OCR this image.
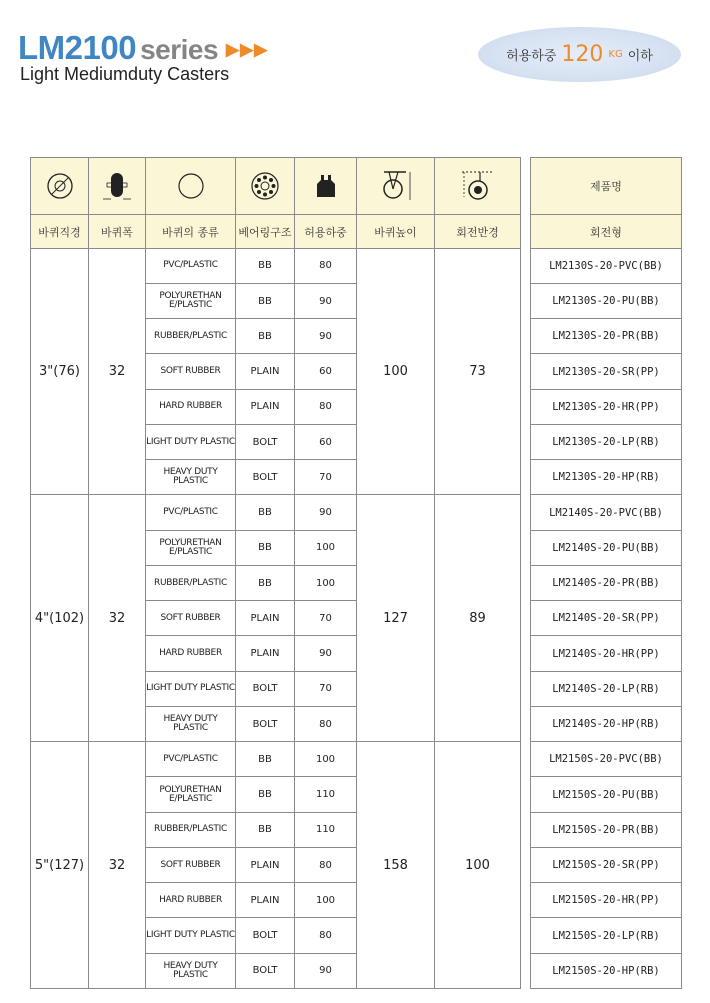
LM2100 series ▶▶▶
Light Mediumduty Casters
허용하중 120 KG 이하

		제품명
바퀴직경	바퀴폭	바퀴의 종류	베어링구조	허용하중	바퀴높이	회전반경		회전형
3"(76)	32	PVC/PLASTIC	BB	80	100	73		LM2130S-20-PVC(BB)
		POLYURETHAN E/PLASTIC	BB	90				LM2130S-20-PU(BB)
		RUBBER/PLASTIC	BB	90				LM2130S-20-PR(BB)
		SOFT RUBBER	PLAIN	60				LM2130S-20-SR(PP)
		HARD RUBBER	PLAIN	80				LM2130S-20-HR(PP)
		LIGHT DUTY PLASTIC	BOLT	60				LM2130S-20-LP(RB)
		HEAVY DUTY PLASTIC	BOLT	70				LM2130S-20-HP(RB)
4"(102)	32	PVC/PLASTIC	BB	90	127	89		LM2140S-20-PVC(BB)
		POLYURETHAN E/PLASTIC	BB	100				LM2140S-20-PU(BB)
		RUBBER/PLASTIC	BB	100				LM2140S-20-PR(BB)
		SOFT RUBBER	PLAIN	70				LM2140S-20-SR(PP)
		HARD RUBBER	PLAIN	90				LM2140S-20-HR(PP)
		LIGHT DUTY PLASTIC	BOLT	70				LM2140S-20-LP(RB)
		HEAVY DUTY PLASTIC	BOLT	80				LM2140S-20-HP(RB)
5"(127)	32	PVC/PLASTIC	BB	100	158	100		LM2150S-20-PVC(BB)
		POLYURETHAN E/PLASTIC	BB	110				LM2150S-20-PU(BB)
		RUBBER/PLASTIC	BB	110				LM2150S-20-PR(BB)
		SOFT RUBBER	PLAIN	80				LM2150S-20-SR(PP)
		HARD RUBBER	PLAIN	100				LM2150S-20-HR(PP)
		LIGHT DUTY PLASTIC	BOLT	80				LM2150S-20-LP(RB)
		HEAVY DUTY PLASTIC	BOLT	90				LM2150S-20-HP(RB)
